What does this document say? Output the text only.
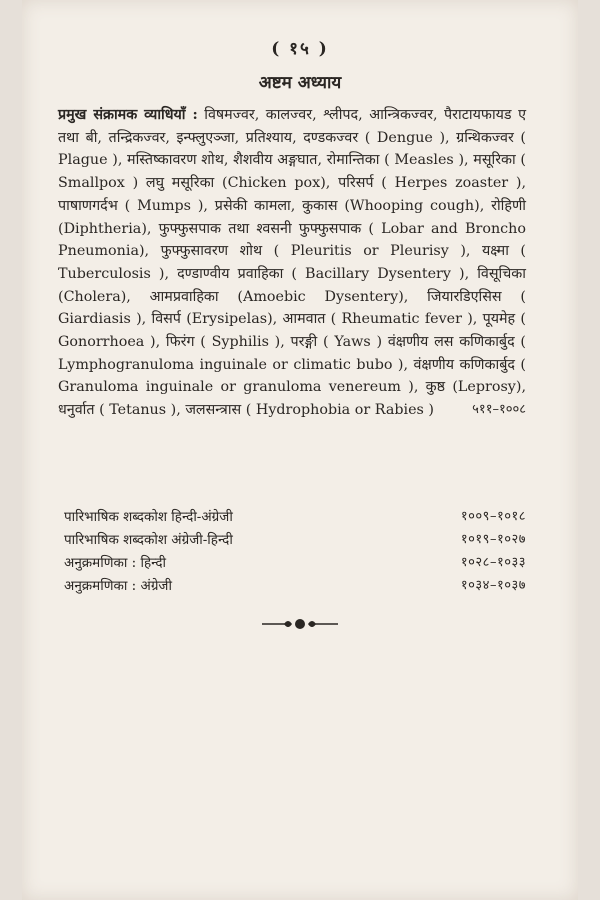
( १५ )
अष्टम अध्याय
प्रमुख संक्रामक व्याधियाँ : विषमज्वर, कालज्वर, श्लीपद, आन्त्रिकज्वर, पैराटायफायड ए तथा बी, तन्द्रिकज्वर, इन्फ्लुएञ्जा, प्रतिश्याय, दण्डकज्वर ( Dengue ), ग्रन्थिकज्वर ( Plague ), मस्तिष्कावरण शोथ, शैशवीय अङ्गघात, रोमान्तिका ( Measles ), मसूरिका ( Smallpox ) लघु मसूरिका (Chicken pox), परिसर्प ( Herpes zoaster ), पाषाणगर्दभ ( Mumps ), प्रसेकी कामला, कुकास (Whooping cough), रोहिणी (Diphtheria), फुफ्फुसपाक तथा श्वसनी फुफ्फुसपाक ( Lobar and Broncho Pneumonia), फुफ्फुसावरण शोथ ( Pleuritis or Pleurisy ), यक्ष्मा ( Tuberculosis ), दण्डाण्वीय प्रवाहिका ( Bacillary Dysentery ), विसूचिका (Cholera), आमप्रवाहिका (Amoebic Dysentery), जियारडिएसिस ( Giardiasis ), विसर्प (Erysipelas), आमवात ( Rheumatic fever ), पूयमेह ( Gonorrhoea ), फिरंग ( Syphilis ), परङ्गी ( Yaws ) वंक्षणीय लस कणिकार्बुद ( Lymphogranuloma inguinale or climatic bubo ), वंक्षणीय कणिकार्बुद ( Granuloma inguinale or granuloma venereum ), कुष्ठ (Leprosy), धनुर्वात ( Tetanus ), जलसन्त्रास ( Hydrophobia or Rabies )	५११–१००८
पारिभाषिक शब्दकोश हिन्दी-अंग्रेजी	१००९–१०१८
पारिभाषिक शब्दकोश अंग्रेजी-हिन्दी	१०१९–१०२७
अनुक्रमणिका : हिन्दी	१०२८–१०३३
अनुक्रमणिका : अंग्रेजी	१०३४–१०३७
